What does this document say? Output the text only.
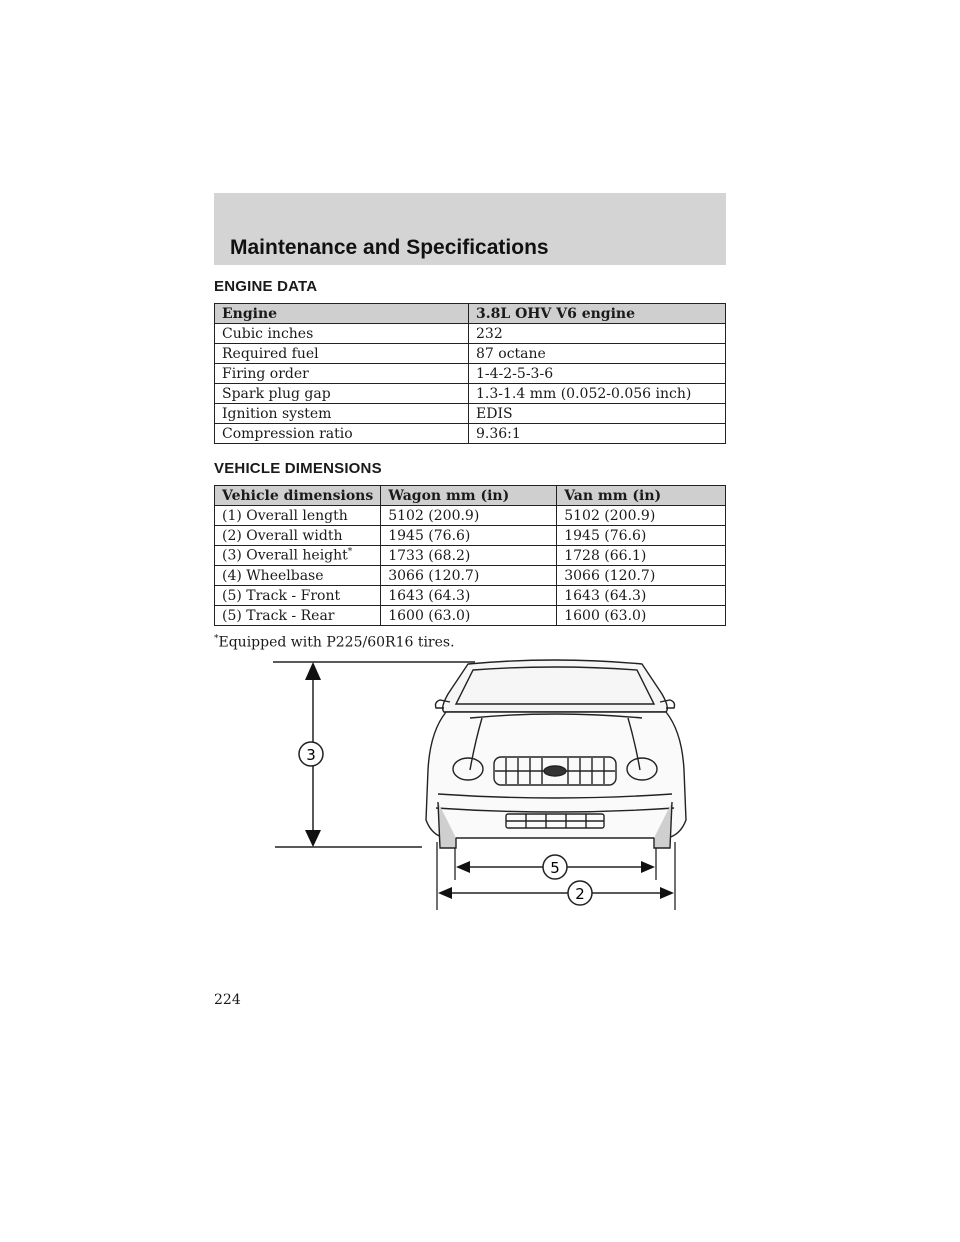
Maintenance and Specifications
ENGINE DATA
Engine	3.8L OHV V6 engine
Cubic inches	232
Required fuel	87 octane
Firing order	1-4-2-5-3-6
Spark plug gap	1.3-1.4 mm (0.052-0.056 inch)
Ignition system	EDIS
Compression ratio	9.36:1
VEHICLE DIMENSIONS
Vehicle dimensions	Wagon mm (in)	Van mm (in)
(1) Overall length	5102 (200.9)	5102 (200.9)
(2) Overall width	1945 (76.6)	1945 (76.6)
(3) Overall height*	1733 (68.2)	1728 (66.1)
(4) Wheelbase	3066 (120.7)	3066 (120.7)
(5) Track - Front	1643 (64.3)	1643 (64.3)
(5) Track - Rear	1600 (63.0)	1600 (63.0)
*Equipped with P225/60R16 tires.
3
5
2
224
